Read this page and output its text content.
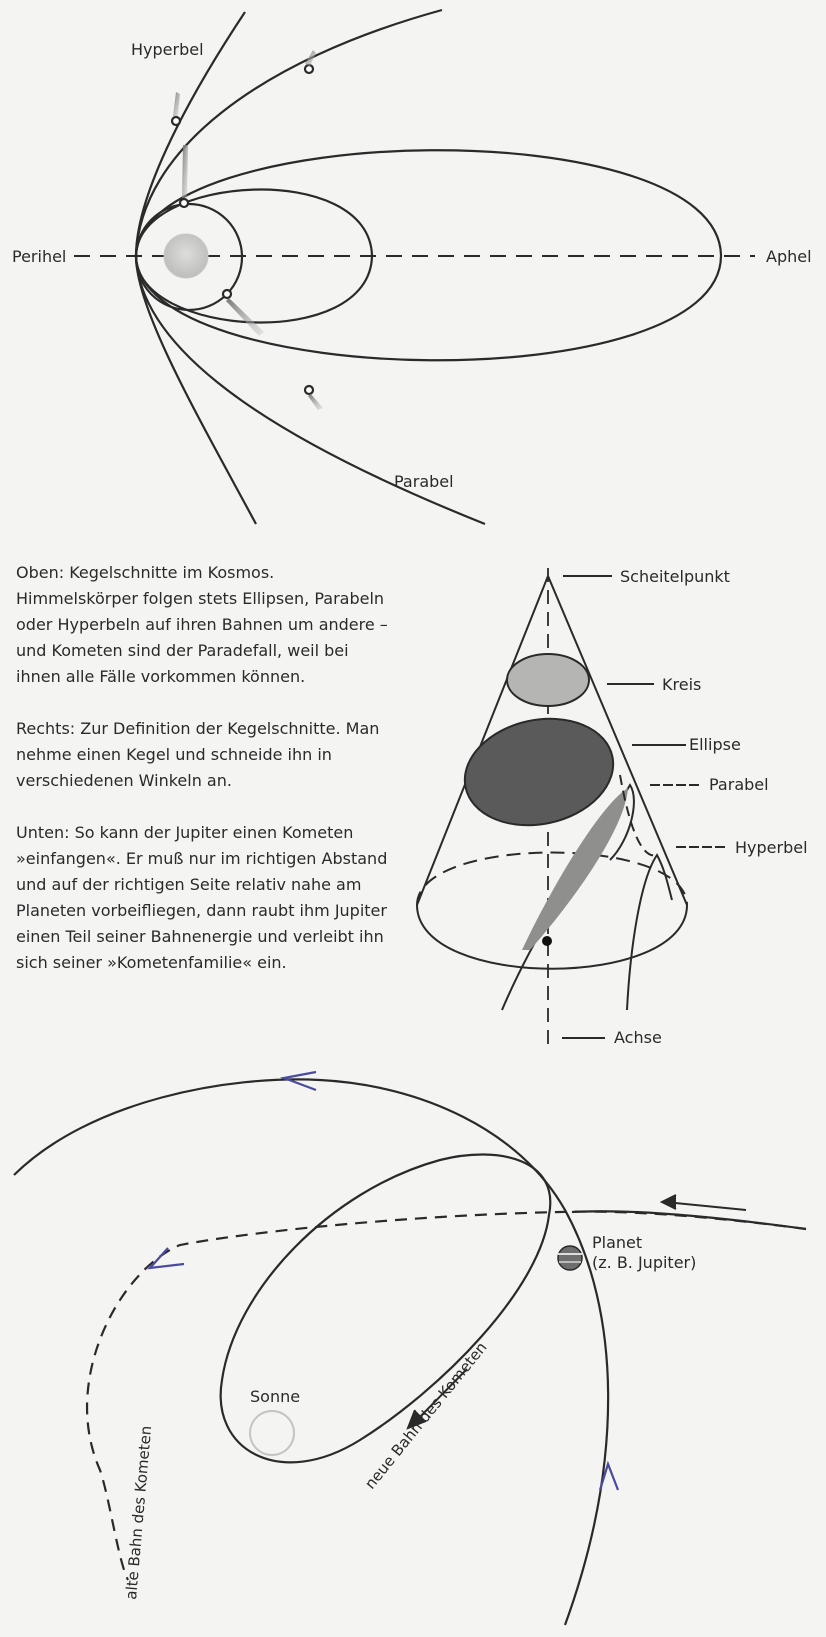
Hyperbel
Perihel	Aphel
Parabel
Scheitelpunkt
Kreis
Ellipse
Parabel
Hyperbel
Achse
Planet
(z. B. Jupiter)
Sonne	neue Bahn des Kometen
alte Bahn des Kometen

Oben: Kegelschnitte im Kosmos. Himmelskörper folgen stets Ellipsen, Parabeln oder Hyperbeln auf ihren Bahnen um andere – und Kometen sind der Paradefall, weil bei ihnen alle Fälle vorkommen können.

Rechts: Zur Definition der Kegelschnitte. Man nehme einen Kegel und schneide ihn in verschiedenen Winkeln an.

Unten: So kann der Jupiter einen Kometen »einfangen«. Er muß nur im richtigen Abstand und auf der richtigen Seite relativ nahe am Planeten vorbeifliegen, dann raubt ihm Jupiter einen Teil seiner Bahnenergie und verleibt ihn sich seiner »Kometenfamilie« ein.
